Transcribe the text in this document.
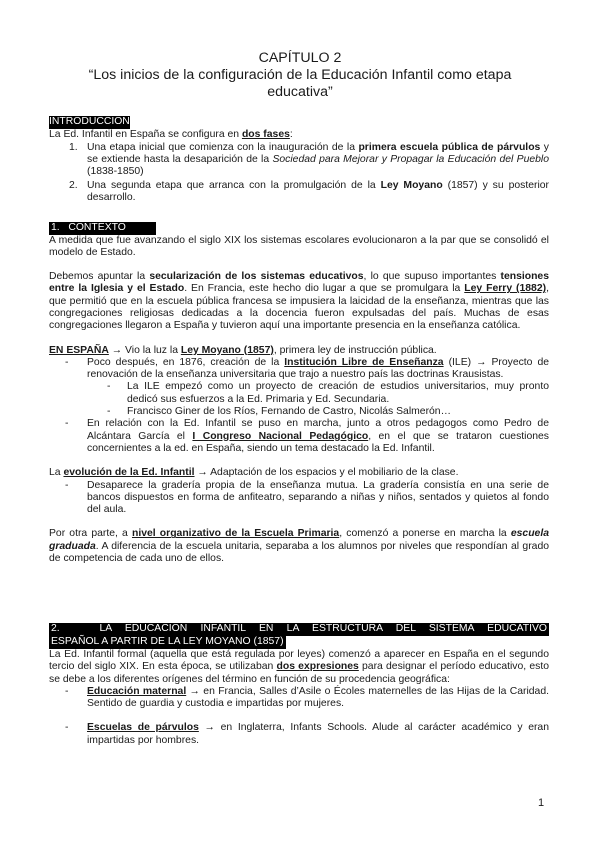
CAPÍTULO 2
“Los inicios de la configuración de la Educación Infantil como etapa
educativa”
INTRODUCCION
La Ed. Infantil en España se configura en dos fases:
1. Una etapa inicial que comienza con la inauguración de la primera escuela pública de párvulos y se extiende hasta la desaparición de la Sociedad para Mejorar y Propagar la Educación del Pueblo (1838-1850)
2. Una segunda etapa que arranca con la promulgación de la Ley Moyano (1857) y su posterior desarrollo.
1.   CONTEXTO
A medida que fue avanzando el siglo XIX los sistemas escolares evolucionaron a la par que se consolidó el modelo de Estado.
Debemos apuntar la secularización de los sistemas educativos, lo que supuso importantes tensiones entre la Iglesia y el Estado. En Francia, este hecho dio lugar a que se promulgara la Ley Ferry (1882), que permitió que en la escuela pública francesa se impusiera la laicidad de la enseñanza, mientras que las congregaciones religiosas dedicadas a la docencia fueron expulsadas del país. Muchas de esas congregaciones llegaron a España y tuvieron aquí una importante presencia en la enseñanza católica.
EN ESPAÑA → Vio la luz la Ley Moyano (1857), primera ley de instrucción pública.
- Poco después, en 1876, creación de la Institución Libre de Enseñanza (ILE) → Proyecto de renovación de la enseñanza universitaria que trajo a nuestro país las doctrinas Krausistas.
- La ILE empezó como un proyecto de creación de estudios universitarios, muy pronto dedicó sus esfuerzos a la Ed. Primaria y Ed. Secundaria.
- Francisco Giner de los Ríos, Fernando de Castro, Nicolás Salmerón…
- En relación con la Ed. Infantil se puso en marcha, junto a otros pedagogos como Pedro de Alcántara García el I Congreso Nacional Pedagógico, en el que se trataron cuestiones concernientes a la ed. en España, siendo un tema destacado la Ed. Infantil.
La evolución de la Ed. Infantil → Adaptación de los espacios y el mobiliario de la clase.
- Desaparece la gradería propia de la enseñanza mutua. La gradería consistía en una serie de bancos dispuestos en forma de anfiteatro, separando a niñas y niños, sentados y quietos al fondo del aula.
Por otra parte, a nivel organizativo de la Escuela Primaria, comenzó a ponerse en marcha la escuela graduada. A diferencia de la escuela unitaria, separaba a los alumnos por niveles que respondían al grado de competencia de cada uno de ellos.
2.   LA EDUCACION INFANTIL EN LA ESTRUCTURA DEL SISTEMA EDUCATIVO
ESPAÑOL A PARTIR DE LA LEY MOYANO (1857)
La Ed. Infantil formal (aquella que está regulada por leyes) comenzó a aparecer en España en el segundo tercio del siglo XIX. En esta época, se utilizaban dos expresiones para designar el período educativo, esto se debe a los diferentes orígenes del término en función de su procedencia geográfica:
- Educación maternal → en Francia, Salles d’Asile o Écoles maternelles de las Hijas de la Caridad. Sentido de guardia y custodia e impartidas por mujeres.
- Escuelas de párvulos → en Inglaterra, Infants Schools. Alude al carácter académico y eran impartidas por hombres.
1
